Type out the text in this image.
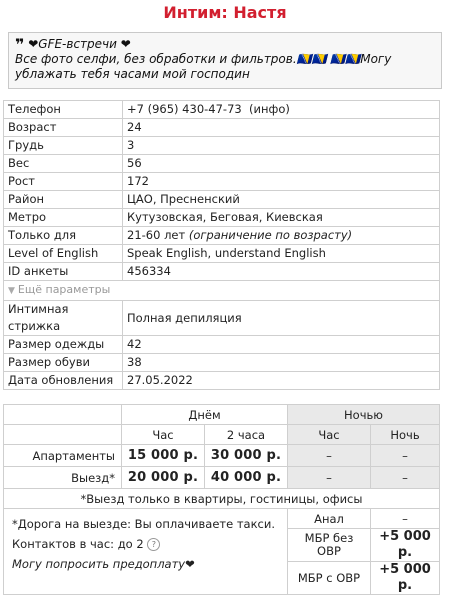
Интим: Настя
❞ ❤GFE-встречи ❤
Все фото селфи, без обработки и фильтров.🇧🇦🇧🇦 🇧🇦🇧🇦Могу ублажать тебя часами мой господин
Телефон	+7 (965) 430-47-73 (инфо)
Возраст	24
Грудь	3
Вес	56
Рост	172
Район	ЦАО, Пресненский
Метро	Кутузовская, Беговая, Киевская
Только для	21-60 лет (ограничение по возрасту)
Level of English	Speak English, understand English
ID анкеты	456334
▼ Ещё параметры	
Интимная стрижка	Полная депиляция
Размер одежды	42
Размер обуви	38
Дата обновления	27.05.2022
	Днём		Ночью	
	Час	2 часа	Час	Ночь
Апартаменты	15 000 р.	30 000 р.	–	–
Выезд*	20 000 р.	40 000 р.	–	–
*Выезд только в квартиры, гостиницы, офисы				

*Дорога на выезде: Вы оплачиваете такси.
Контактов в час: до 2 ?
Могу попросить предоплату❤			Анал	–
			МБР без ОВР	+5 000 р.
			МБР с ОВР	+5 000 р.
